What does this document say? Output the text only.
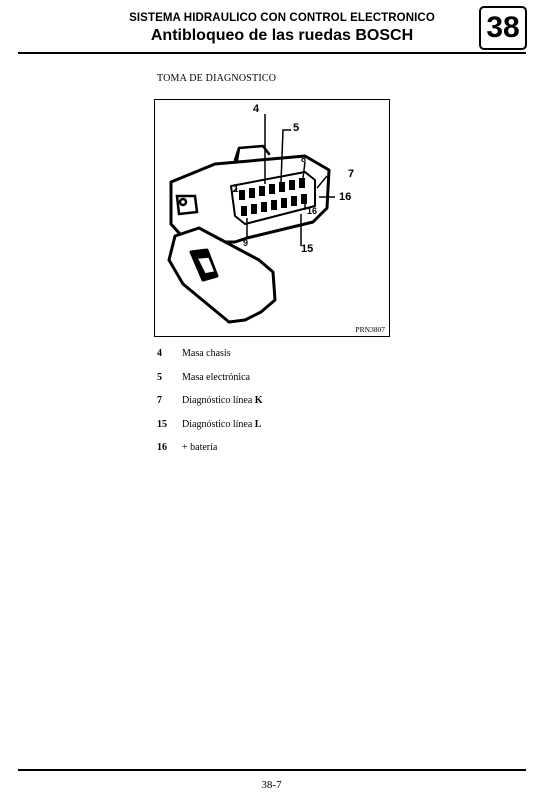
SISTEMA HIDRAULICO CON CONTROL ELECTRONICO
Antibloqueo de las ruedas BOSCH	38
TOMA DE DIAGNOSTICO
4
5
8
7
16
16
15
1
9
PRN3807
4 Masa chasis
5 Masa electrónica
7 Diagnóstico línea K
15 Diagnóstico línea L
16 + batería
38-7
